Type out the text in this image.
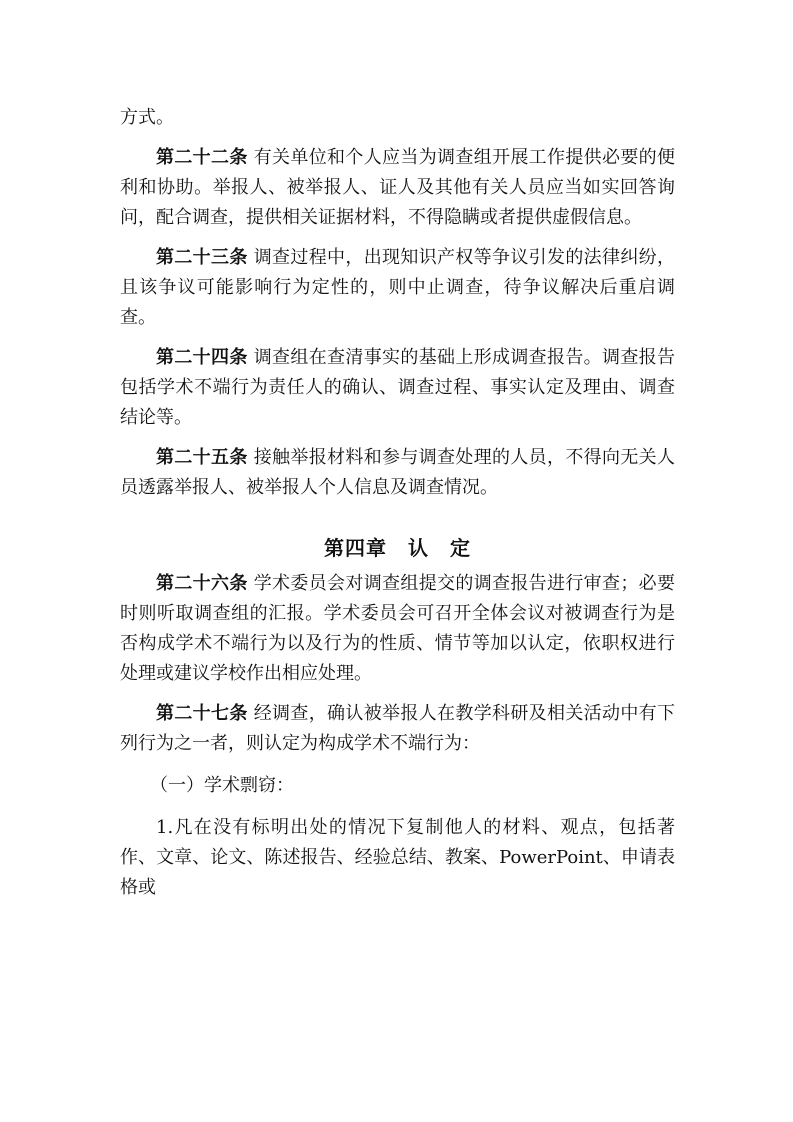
方式。

第二十二条 有关单位和个人应当为调查组开展工作提供必要的便利和协助。举报人、被举报人、证人及其他有关人员应当如实回答询问，配合调查，提供相关证据材料，不得隐瞒或者提供虚假信息。

第二十三条 调查过程中，出现知识产权等争议引发的法律纠纷，且该争议可能影响行为定性的，则中止调查，待争议解决后重启调查。

第二十四条 调查组在查清事实的基础上形成调查报告。调查报告包括学术不端行为责任人的确认、调查过程、事实认定及理由、调查结论等。

第二十五条 接触举报材料和参与调查处理的人员，不得向无关人员透露举报人、被举报人个人信息及调查情况。

第四章　认　定

第二十六条 学术委员会对调查组提交的调查报告进行审查；必要时则听取调查组的汇报。学术委员会可召开全体会议对被调查行为是否构成学术不端行为以及行为的性质、情节等加以认定，依职权进行处理或建议学校作出相应处理。

第二十七条 经调查，确认被举报人在教学科研及相关活动中有下列行为之一者，则认定为构成学术不端行为：

（一）学术剽窃：

1.凡在没有标明出处的情况下复制他人的材料、观点，包括著作、文章、论文、陈述报告、经验总结、教案、PowerPoint、申请表格或
